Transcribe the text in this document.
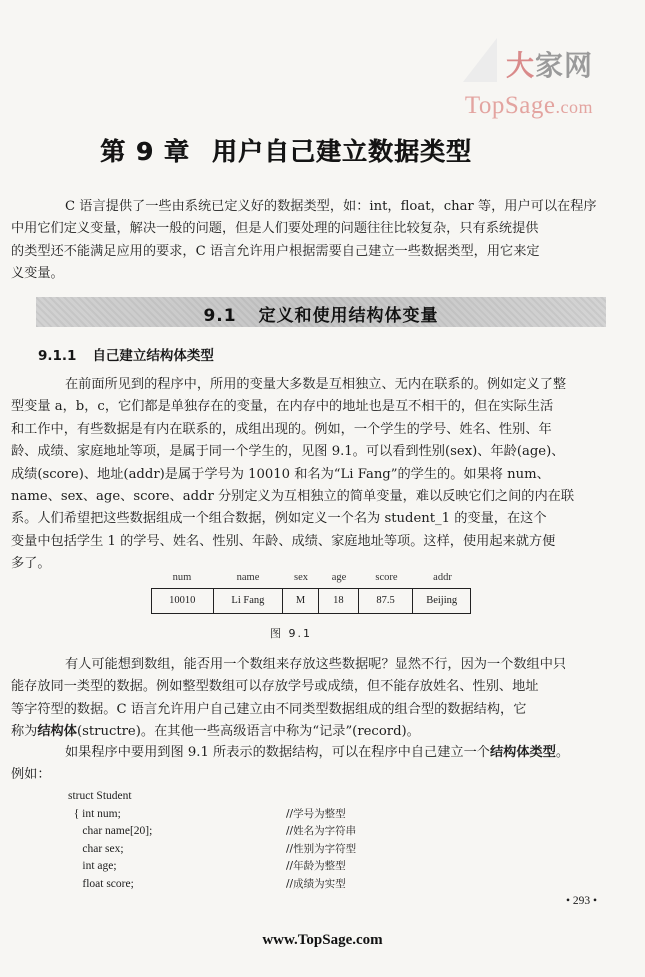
大家网
TopSage.com
第 9 章 用户自己建立数据类型

C 语言提供了一些由系统已定义好的数据类型，如：int，float，char 等，用户可以在程序
中用它们定义变量，解决一般的问题，但是人们要处理的问题往往比较复杂，只有系统提供
的类型还不能满足应用的要求，C 语言允许用户根据需要自己建立一些数据类型，用它来定
义变量。

9.1 定义和使用结构体变量
9.1.1 自己建立结构体类型

在前面所见到的程序中，所用的变量大多数是互相独立、无内在联系的。例如定义了整
型变量 a，b，c，它们都是单独存在的变量，在内存中的地址也是互不相干的，但在实际生活
和工作中，有些数据是有内在联系的，成组出现的。例如，一个学生的学号、姓名、性别、年
龄、成绩、家庭地址等项，是属于同一个学生的，见图 9.1。可以看到性别(sex)、年龄(age)、
成绩(score)、地址(addr)是属于学号为 10010 和名为“Li Fang”的学生的。如果将 num、
name、sex、age、score、addr 分别定义为互相独立的简单变量，难以反映它们之间的内在联
系。人们希望把这些数据组成一个组合数据，例如定义一个名为 student_1 的变量，在这个
变量中包括学生 1 的学号、姓名、性别、年龄、成绩、家庭地址等项。这样，使用起来就方便
多了。

num	name	sex	age	score	addr
10010	Li Fang	M	18	87.5	Beijing
图 9.1

有人可能想到数组，能否用一个数组来存放这些数据呢？显然不行，因为一个数组中只
能存放同一类型的数据。例如整型数组可以存放学号或成绩，但不能存放姓名、性别、地址
等字符型的数据。C 语言允许用户自己建立由不同类型数据组成的组合型的数据结构，它
称为结构体(structre)。在其他一些高级语言中称为“记录”(record)。

如果程序中要用到图 9.1 所表示的数据结构，可以在程序中自己建立一个结构体类型。
例如：

struct Student
{ int num;	//学号为整型
char name[20];	//姓名为字符串
char sex;	//性别为字符型
int age;	//年龄为整型
float score;	//成绩为实型
• 293 •
www.TopSage.com
